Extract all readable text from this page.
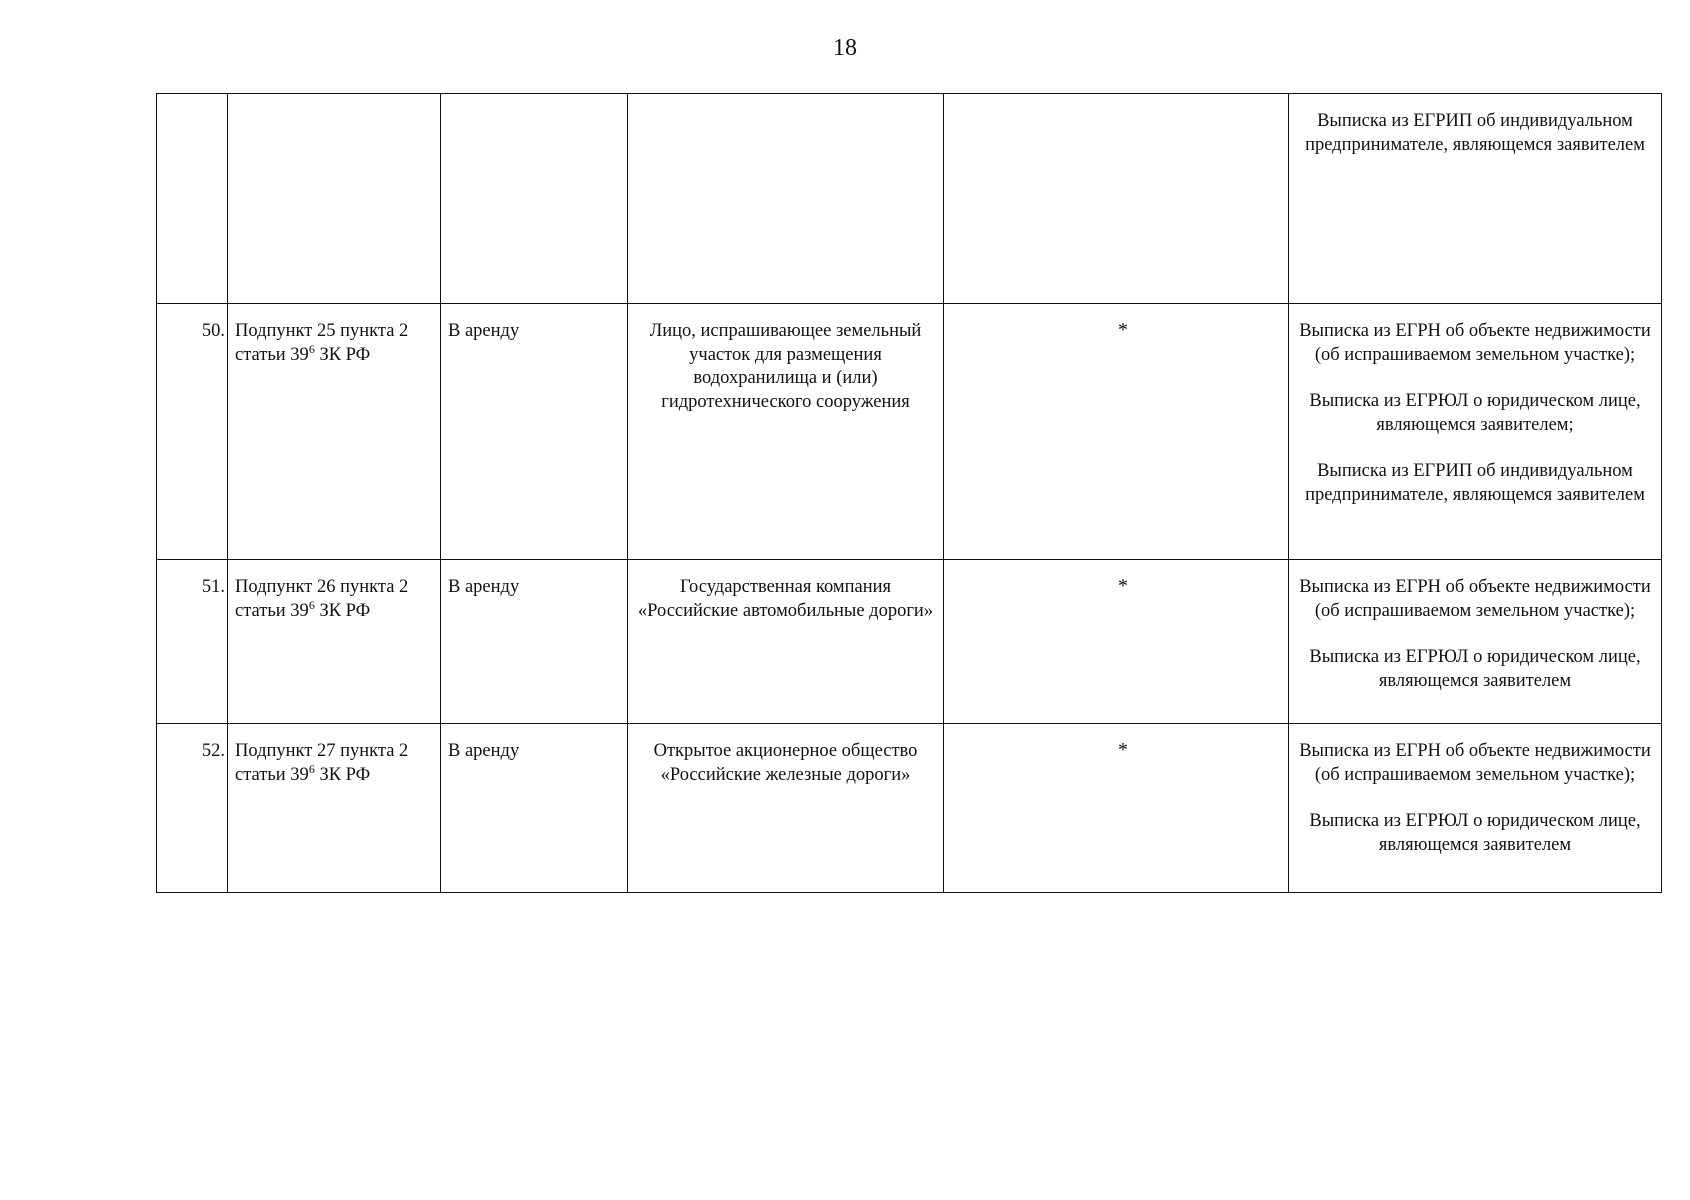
18

					Выписка из ЕГРИП об индивидуальном предпринимателе, являющемся заявителем

50.	Подпункт 25 пункта 2 статьи $39^6$ ЗК РФ	В аренду	Лицо, испрашивающее земельный участок для размещения водохранилища и (или) гидротехнического сооружения	*	Выписка из ЕГРН об объекте недвижимости (об испрашиваемом земельном участке);
Выписка из ЕГРЮЛ о юридическом лице, являющемся заявителем;
Выписка из ЕГРИП об индивидуальном предпринимателе, являющемся заявителем

51.	Подпункт 26 пункта 2 статьи $39^6$ ЗК РФ	В аренду	Государственная компания «Российские автомобильные дороги»	*	Выписка из ЕГРН об объекте недвижимости (об испрашиваемом земельном участке);
Выписка из ЕГРЮЛ о юридическом лице, являющемся заявителем

52.	Подпункт 27 пункта 2 статьи $39^6$ ЗК РФ	В аренду	Открытое акционерное общество «Российские железные дороги»	*	Выписка из ЕГРН об объекте недвижимости (об испрашиваемом земельном участке);
Выписка из ЕГРЮЛ о юридическом лице, являющемся заявителем
